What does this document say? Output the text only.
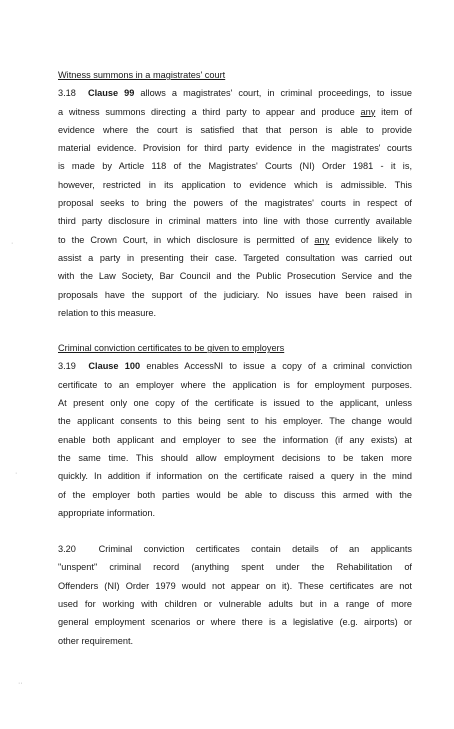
Witness summons in a magistrates' court
3.18  Clause 99 allows a magistrates' court, in criminal proceedings, to issue
a witness summons directing a third party to appear and produce any item of
evidence where the court is satisfied that that person is able to provide
material evidence. Provision for third party evidence in the magistrates' courts
is made by Article 118 of the Magistrates' Courts (NI) Order 1981 - it is,
however, restricted in its application to evidence which is admissible. This
proposal seeks to bring the powers of the magistrates' courts in respect of
third party disclosure in criminal matters into line with those currently available
to the Crown Court, in which disclosure is permitted of any evidence likely to
assist a party in presenting their case. Targeted consultation was carried out
with the Law Society, Bar Council and the Public Prosecution Service and the
proposals have the support of the judiciary. No issues have been raised in
relation to this measure.
Criminal conviction certificates to be given to employers
3.19  Clause 100 enables AccessNI to issue a copy of a criminal conviction
certificate to an employer where the application is for employment purposes.
At present only one copy of the certificate is issued to the applicant, unless
the applicant consents to this being sent to his employer. The change would
enable both applicant and employer to see the information (if any exists) at
the same time. This should allow employment decisions to be taken more
quickly. In addition if information on the certificate raised a query in the mind
of the employer both parties would be able to discuss this armed with the
appropriate information.
3.20  Criminal conviction certificates contain details of an applicants
"unspent" criminal record (anything spent under the Rehabilitation of
Offenders (NI) Order 1979 would not appear on it). These certificates are not
used for working with children or vulnerable adults but in a range of more
general employment scenarios or where there is a legislative (e.g. airports) or
other requirement.
·
·
··
